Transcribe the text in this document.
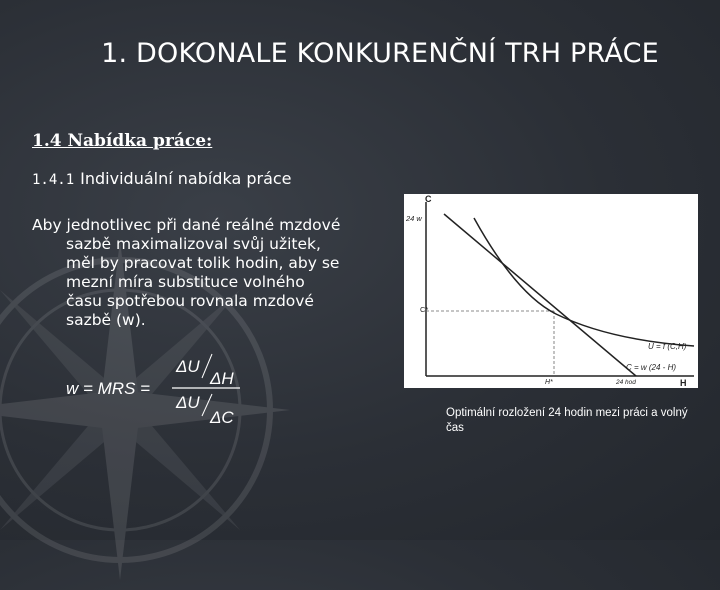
1. DOKONALE KONKURENČNÍ TRH PRÁCE
1.4 Nabídka práce:
1.4.1 Individuální nabídka práce
Aby jednotlivec při dané reálné mzdové
sazbě maximalizoval svůj užitek,
měl by pracovat tolik hodin, aby se
mezní míra substituce volného
času spotřebou rovnala mzdové
sazbě (w).
w = MRS =
ΔU
ΔH
ΔU
ΔC
C
H
24 w
C*
H*	24 hod
U = f (C,H)
C = w (24 - H)
Optimální rozložení 24 hodin mezi práci a volný čas
